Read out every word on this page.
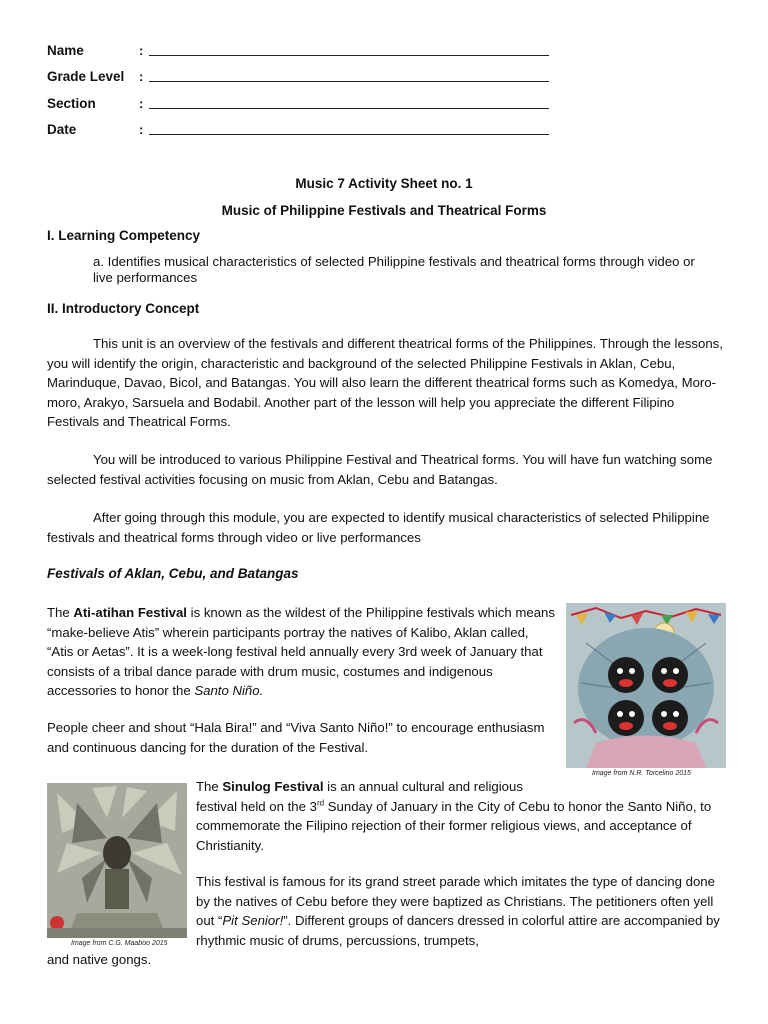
Name	:
Grade Level :
Section	:
Date	:
Music 7 Activity Sheet no. 1
Music of Philippine Festivals and Theatrical Forms
I. Learning Competency

a. Identifies musical characteristics of selected Philippine festivals and theatrical forms through video or live performances

II. Introductory Concept

This unit is an overview of the festivals and different theatrical forms of the Philippines. Through the lessons, you will identify the origin, characteristic and background of the selected Philippine Festivals in Aklan, Cebu, Marinduque, Davao, Bicol, and Batangas. You will also learn the different theatrical forms such as Komedya, Moro-moro, Arakyo, Sarsuela and Bodabil. Another part of the lesson will help you appreciate the different Filipino Festivals and Theatrical Forms.

You will be introduced to various Philippine Festival and Theatrical forms. You will have fun watching some selected festival activities focusing on music from Aklan, Cebu and Batangas.

After going through this module, you are expected to identify musical characteristics of selected Philippine festivals and theatrical forms through video or live performances

Festivals of Aklan, Cebu, and Batangas

The Ati-atihan Festival is known as the wildest of the Philippine festivals which means “make-believe Atis” wherein participants portray the natives of Kalibo, Aklan called, “Atis or Aetas”. It is a week-long festival held annually every 3rd week of January that consists of a tribal dance parade with drum music, costumes and indigenous accessories to honor the Santo Niño.

People cheer and shout “Hala Bira!” and “Viva Santo Niño!” to encourage enthusiasm and continuous dancing for the duration of the Festival.

Image from N.R. Torcelino 2015
Image from C.G. Maaboo 2015

The Sinulog Festival is an annual cultural and religious

festival held on the 3rd Sunday of January in the City of Cebu to honor the Santo Niño, to commemorate the Filipino rejection of their former religious views, and acceptance of Christianity.

This festival is famous for its grand street parade which imitates the type of dancing done by the natives of Cebu before they were baptized as Christians. The petitioners often yell out “Pit Senior!”. Different groups of dancers dressed in colorful attire are accompanied by rhythmic music of drums, percussions, trumpets,

and native gongs.
